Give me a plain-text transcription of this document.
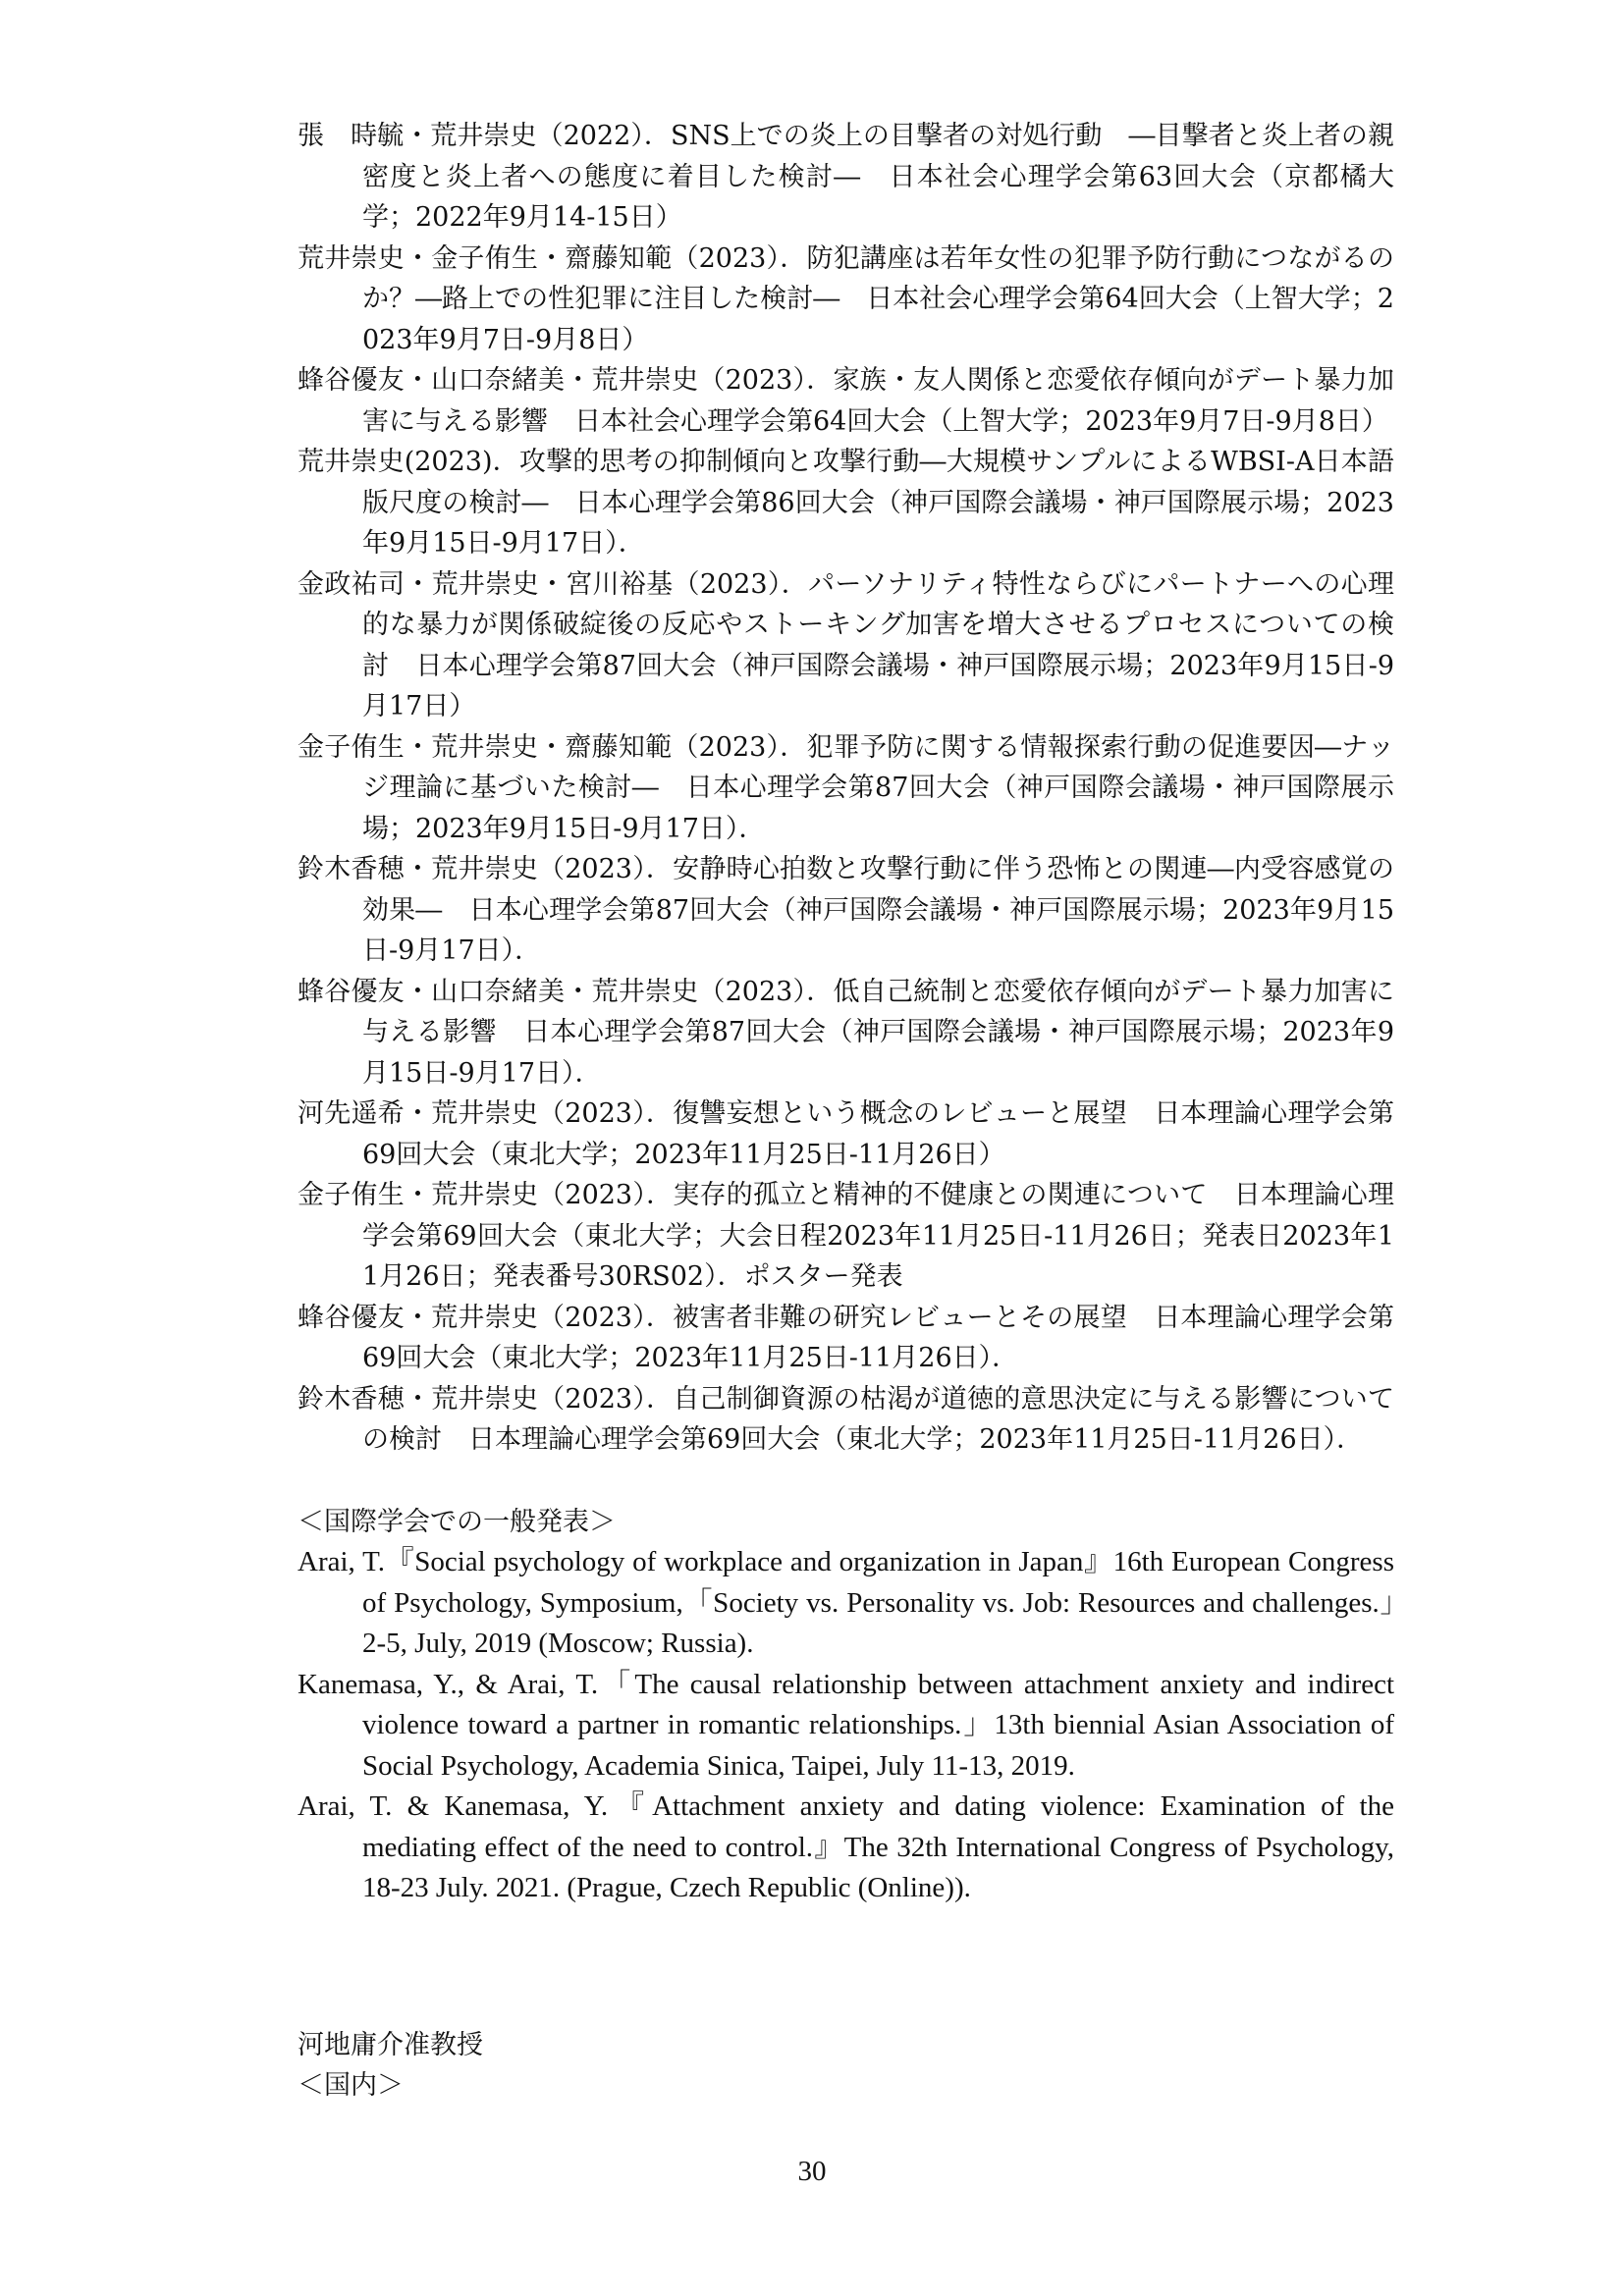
張　時毓・荒井崇史（2022）．SNS上での炎上の目撃者の対処行動　―目撃者と炎上者の親密度と炎上者への態度に着目した検討―　日本社会心理学会第63回大会（京都橘大学；2022年9月14-15日）

荒井崇史・金子侑生・齋藤知範（2023）．防犯講座は若年女性の犯罪予防行動につながるのか？―路上での性犯罪に注目した検討―　日本社会心理学会第64回大会（上智大学；2023年9月7日-9月8日）

蜂谷優友・山口奈緒美・荒井崇史（2023）．家族・友人関係と恋愛依存傾向がデート暴力加害に与える影響　日本社会心理学会第64回大会（上智大学；2023年9月7日-9月8日）

荒井崇史(2023)．攻撃的思考の抑制傾向と攻撃行動―大規模サンプルによるWBSI-A日本語版尺度の検討―　日本心理学会第86回大会（神戸国際会議場・神戸国際展示場；2023年9月15日-9月17日）．

金政祐司・荒井崇史・宮川裕基（2023）．パーソナリティ特性ならびにパートナーへの心理的な暴力が関係破綻後の反応やストーキング加害を増大させるプロセスについての検討　日本心理学会第87回大会（神戸国際会議場・神戸国際展示場；2023年9月15日-9月17日）

金子侑生・荒井崇史・齋藤知範（2023）．犯罪予防に関する情報探索行動の促進要因―ナッジ理論に基づいた検討―　日本心理学会第87回大会（神戸国際会議場・神戸国際展示場；2023年9月15日-9月17日）．

鈴木香穂・荒井崇史（2023）．安静時心拍数と攻撃行動に伴う恐怖との関連―内受容感覚の効果―　日本心理学会第87回大会（神戸国際会議場・神戸国際展示場；2023年9月15日-9月17日）．

蜂谷優友・山口奈緒美・荒井崇史（2023）．低自己統制と恋愛依存傾向がデート暴力加害に与える影響　日本心理学会第87回大会（神戸国際会議場・神戸国際展示場；2023年9月15日-9月17日）．

河先遥希・荒井崇史（2023）．復讐妄想という概念のレビューと展望　日本理論心理学会第69回大会（東北大学；2023年11月25日-11月26日）

金子侑生・荒井崇史（2023）．実存的孤立と精神的不健康との関連について　日本理論心理学会第69回大会（東北大学；大会日程2023年11月25日-11月26日；発表日2023年11月26日；発表番号30RS02）．ポスター発表

蜂谷優友・荒井崇史（2023）．被害者非難の研究レビューとその展望　日本理論心理学会第69回大会（東北大学；2023年11月25日-11月26日）．

鈴木香穂・荒井崇史（2023）．自己制御資源の枯渇が道徳的意思決定に与える影響についての検討　日本理論心理学会第69回大会（東北大学；2023年11月25日-11月26日）．

＜国際学会での一般発表＞

Arai, T.『Social psychology of workplace and organization in Japan』16th European Congress of Psychology, Symposium,「Society vs. Personality vs. Job: Resources and challenges.」2-5, July, 2019 (Moscow; Russia).

Kanemasa, Y., & Arai, T.「The causal relationship between attachment anxiety and indirect violence toward a partner in romantic relationships.」13th biennial Asian Association of Social Psychology, Academia Sinica, Taipei, July 11-13, 2019.

Arai, T. & Kanemasa, Y.『Attachment anxiety and dating violence: Examination of the mediating effect of the need to control.』The 32th International Congress of Psychology, 18-23 July. 2021. (Prague, Czech Republic (Online)).

河地庸介准教授

＜国内＞

30
